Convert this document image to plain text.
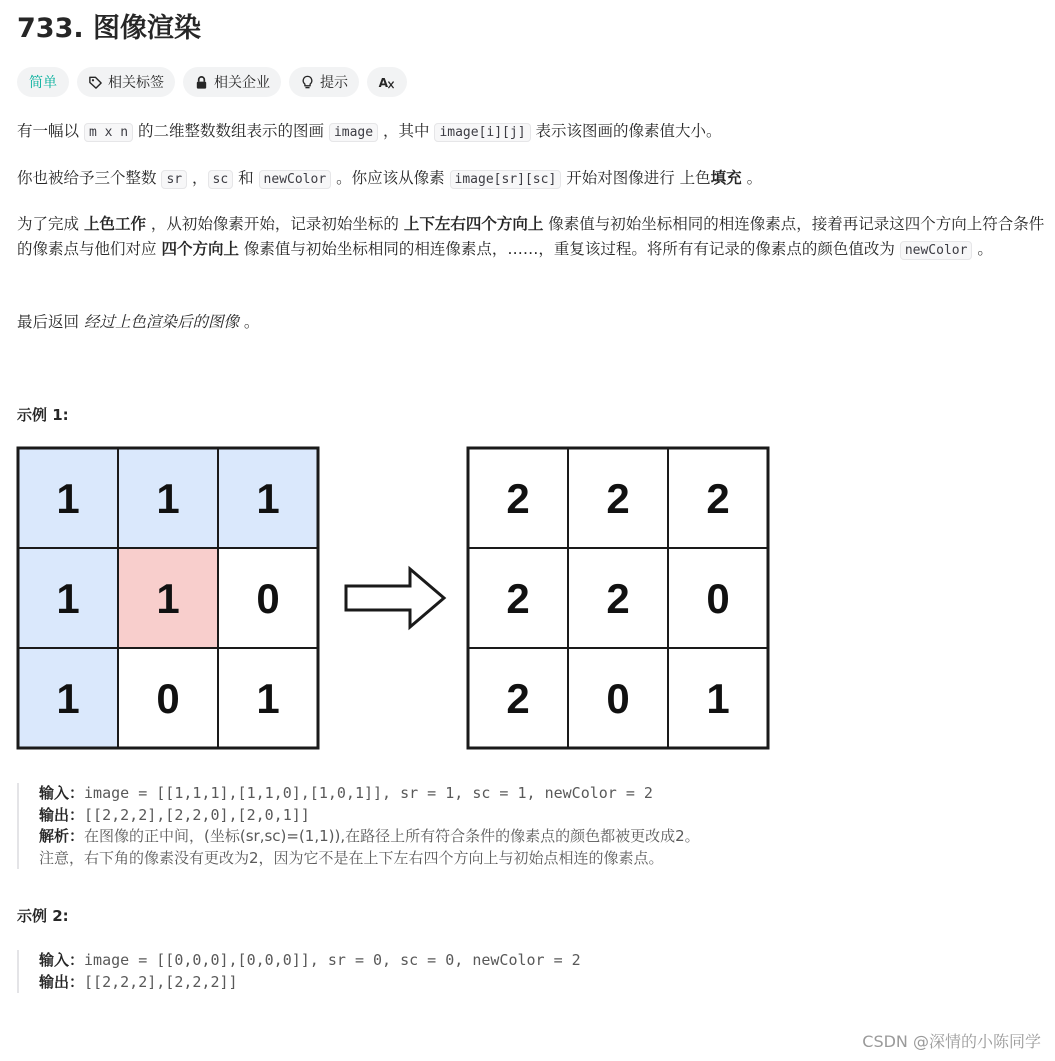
733. 图像渲染
简单	相关标签	相关企业	提示 A

有一幅以 m x n 的二维整数数组表示的图画 image ，其中 image[i][j] 表示该图画的像素值大小。

你也被给予三个整数 sr ， sc 和 newColor 。你应该从像素 image[sr][sc] 开始对图像进行 上色填充 。

为了完成 上色工作 ，从初始像素开始，记录初始坐标的 上下左右四个方向上 像素值与初始坐标相同的相连像素点，接着再记录这四个方向上符合条件的像素点与他们对应 四个方向上 像素值与初始坐标相同的相连像素点，……，重复该过程。将所有有记录的像素点的颜色值改为 newColor 。

最后返回 经过上色渲染后的图像 。

示例 1:
1 1 1
1 1 0
1 0 1
2 2 2
2 2 0
2 0 1
输入：image = [[1,1,1],[1,1,0],[1,0,1]], sr = 1, sc = 1, newColor = 2
输出：[[2,2,2],[2,2,0],[2,0,1]]
解析：在图像的正中间，(坐标(sr,sc)=(1,1)),在路径上所有符合条件的像素点的颜色都被更改成2。
注意，右下角的像素没有更改为2，因为它不是在上下左右四个方向上与初始点相连的像素点。
示例 2:
输入：image = [[0,0,0],[0,0,0]], sr = 0, sc = 0, newColor = 2
输出：[[2,2,2],[2,2,2]]
CSDN @深情的小陈同学
